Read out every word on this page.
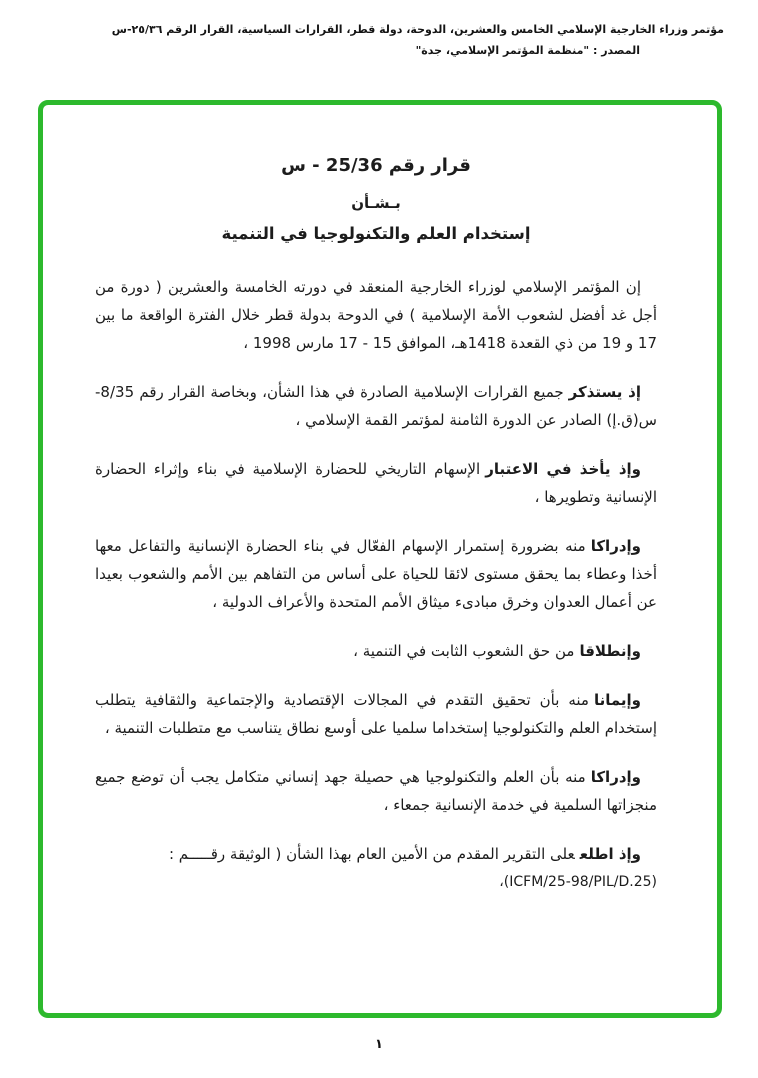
مؤتمر وزراء الخارجية الإسلامي الخامس والعشرين، الدوحة، دولة قطر، القرارات السياسية، القرار الرقم ٢٥/٣٦-س
المصدر : "منظمة المؤتمر الإسلامي، جدة"
قرار رقم 25/36 - س
بـشـأن
إستخدام العلم والتكنولوجيا في التنمية

إن المؤتمر الإسلامي لوزراء الخارجية المنعقد في دورته الخامسة والعشرين ( دورة من أجل غد أفضل لشعوب الأمة الإسلامية ) في الدوحة بدولة قطر خلال الفترة الواقعة ما بين 17 و 19 من ذي القعدة 1418هـ، الموافق 15 - 17 مارس 1998 ،

إذ يستذكرجميع القرارات الإسلامية الصادرة في هذا الشأن، وبخاصة القرار رقم 8/35-س(ق.إ) الصادر عن الدورة الثامنة لمؤتمر القمة الإسلامي ،

وإذ يأخذ في الاعتبارالإسهام التاريخي للحضارة الإسلامية في بناء وإثراء الحضارة الإنسانية وتطويرها ،

وإدراكامنه بضرورة إستمرار الإسهام الفعّال في بناء الحضارة الإنسانية والتفاعل معها أخذا وعطاء بما يحقق مستوى لائقا للحياة على أساس من التفاهم بين الأمم والشعوب بعيدا عن أعمال العدوان وخرق مبادىء ميثاق الأمم المتحدة والأعراف الدولية ،

وإنطلاقامن حق الشعوب الثابت في التنمية ،

وإيمانامنه بأن تحقيق التقدم في المجالات الإقتصادية والإجتماعية والثقافية يتطلب إستخدام العلم والتكنولوجيا إستخداما سلميا على أوسع نطاق يتناسب مع متطلبات التنمية ،

وإدراكامنه بأن العلم والتكنولوجيا هي حصيلة جهد إنساني متكامل يجب أن توضع جميع منجزاتها السلمية في خدمة الإنسانية جمعاء ،

وإذ اطلععلى التقرير المقدم من الأمين العام بهذا الشأن ( الوثيقة رقـــــم :

(ICFM/25-98/PIL/D.25)،
١
